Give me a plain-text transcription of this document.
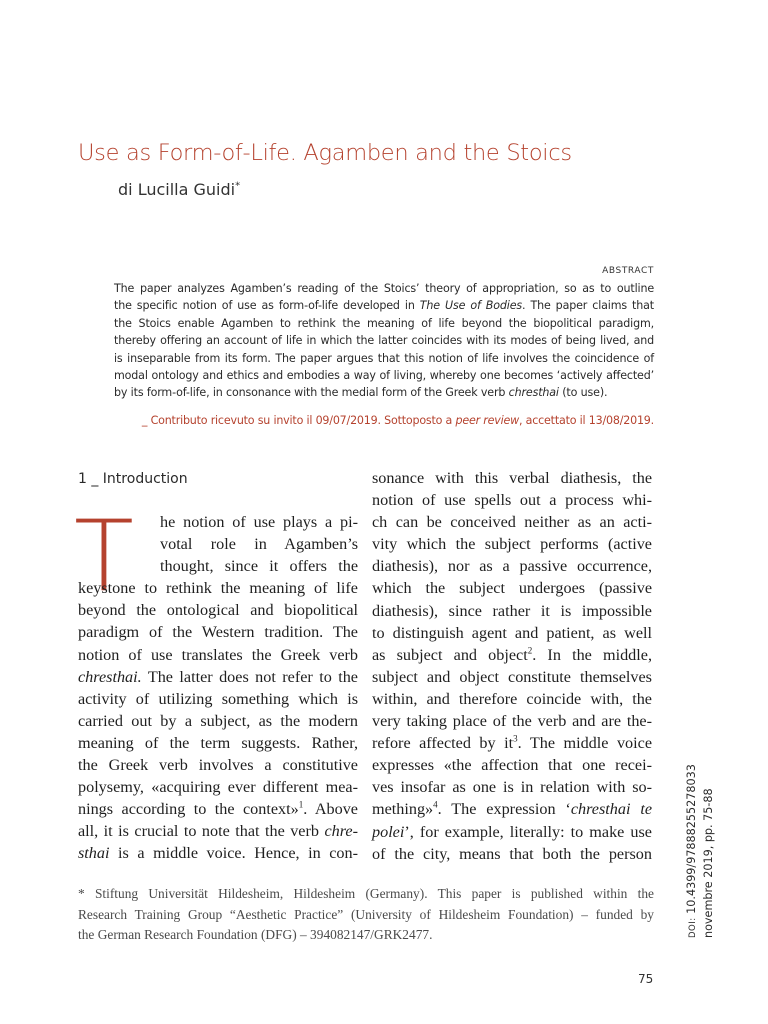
Use as Form-of-Life. Agamben and the Stoics
di Lucilla Guidi*
ABSTRACT
The paper analyzes Agamben’s reading of the Stoics’ theory of appropriation, so as to outline
the specific notion of use as form-of-life developed in The Use of Bodies. The paper claims that
the Stoics enable Agamben to rethink the meaning of life beyond the biopolitical paradigm,
thereby offering an account of life in which the latter coincides with its modes of being lived, and
is inseparable from its form. The paper argues that this notion of life involves the coincidence of
modal ontology and ethics and embodies a way of living, whereby one becomes ‘actively affected’
by its form-of-life, in consonance with the medial form of the Greek verb chresthai (to use).
_ Contributo ricevuto su invito il 09/07/2019. Sottoposto a peer review, accettato il 13/08/2019.
1 _ Introduction
T	he notion of use plays a pi-
votal role in Agamben’s
thought, since it offers the
keystone to rethink the meaning of life
beyond the ontological and biopolitical
paradigm of the Western tradition. The
notion of use translates the Greek verb
chresthai. The latter does not refer to the
activity of utilizing something which is
carried out by a subject, as the modern
meaning of the term suggests. Rather,
the Greek verb involves a constitutive
polysemy, «acquiring ever different mea-
nings according to the context»$^1$. Above
all, it is crucial to note that the verb chre-
sthai is a middle voice. Hence, in con-
sonance with this verbal diathesis, the
notion of use spells out a process whi-
ch can be conceived neither as an acti-
vity which the subject performs (active
diathesis), nor as a passive occurrence,
which the subject undergoes (passive
diathesis), since rather it is impossible
to distinguish agent and patient, as well
as subject and object$^2$. In the middle,
subject and object constitute themselves
within, and therefore coincide with, the
very taking place of the verb and are the-
refore affected by $it^3$. The middle voice
expresses «the affection that one recei-
ves insofar as one is in relation with so-
mething»$^4$. The expression ‘chresthai te
polei’, for example, literally: to make use
of the city, means that both the person
* Stiftung Universität Hildesheim, Hildesheim (Germany). This paper is published within the
Research Training Group “Aesthetic Practice” (University of Hildesheim Foundation) – funded by
the German Research Foundation (DFG) – 394082147/GRK2477.	DOI: 10.4399/97888255278033 novembre 2019, pp. 75-88
75
